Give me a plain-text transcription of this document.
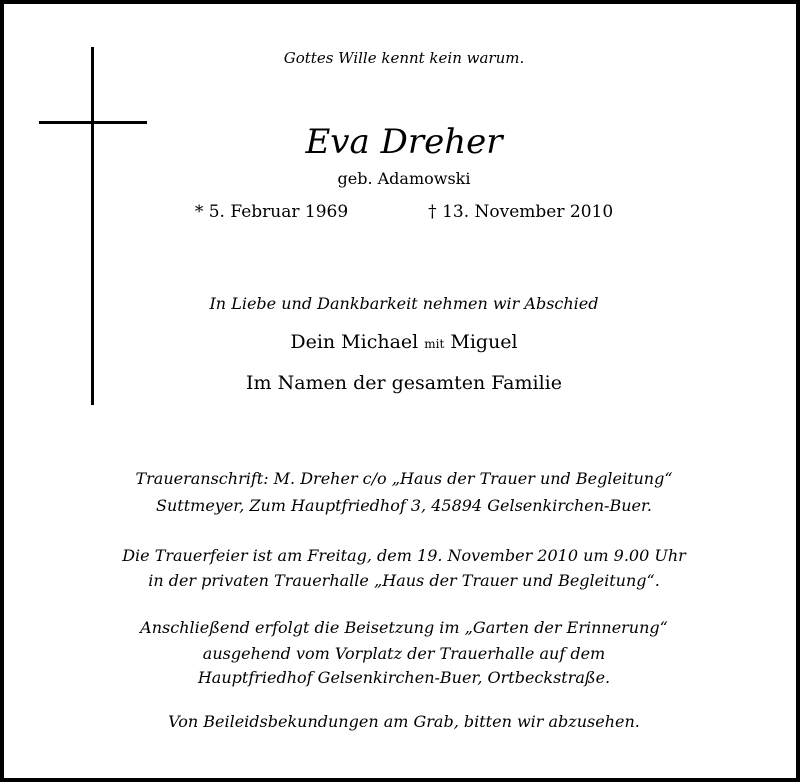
Gottes Wille kennt kein warum.
Eva Dreher
geb. Adamowski
* 5. Februar 1969	† 13. November 2010
In Liebe und Dankbarkeit nehmen wir Abschied
Dein Michael mit Miguel
Im Namen der gesamten Familie
Traueranschrift: M. Dreher c/o „Haus der Trauer und Begleitung“
Suttmeyer, Zum Hauptfriedhof 3, 45894 Gelsenkirchen-Buer.
Die Trauerfeier ist am Freitag, dem 19. November 2010 um 9.00 Uhr
in der privaten Trauerhalle „Haus der Trauer und Begleitung“.
Anschließend erfolgt die Beisetzung im „Garten der Erinnerung“
ausgehend vom Vorplatz der Trauerhalle auf dem
Hauptfriedhof Gelsenkirchen-Buer, Ortbeckstraße.
Von Beileidsbekundungen am Grab, bitten wir abzusehen.
